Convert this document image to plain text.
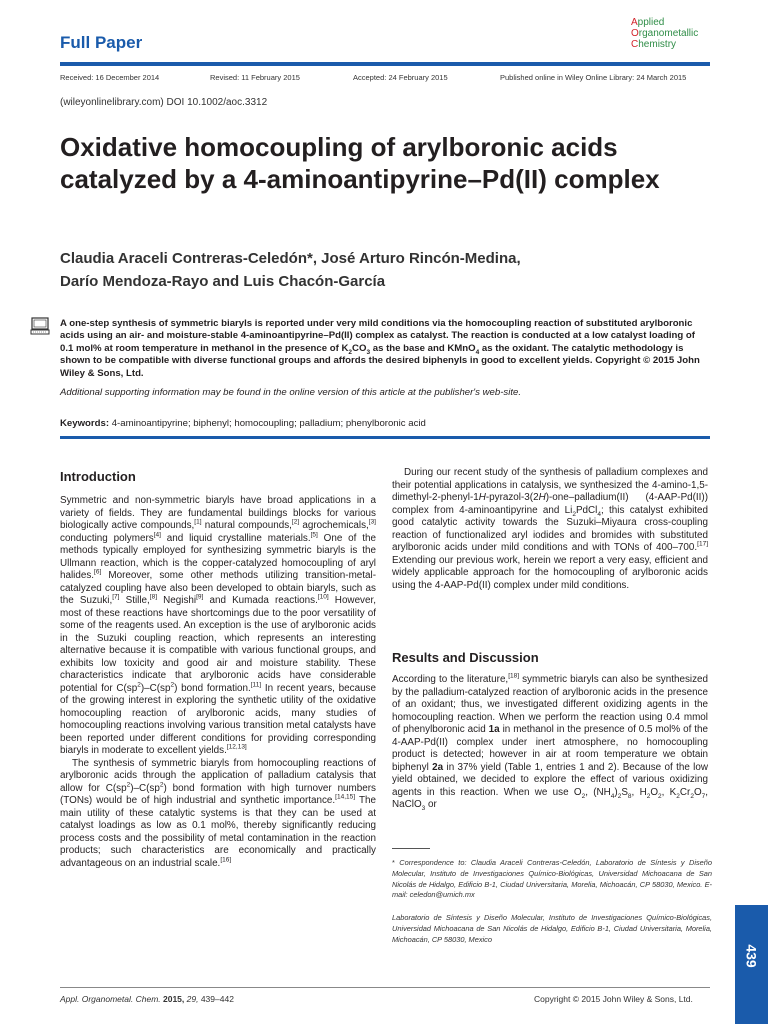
Full Paper
Applied
Organometallic
Chemistry
Received: 16 December 2014	Revised: 11 February 2015	Accepted: 24 February 2015	Published online in Wiley Online Library: 24 March 2015
(wileyonlinelibrary.com) DOI 10.1002/aoc.3312
Oxidative homocoupling of arylboronic acids catalyzed by a 4-aminoantipyrine–Pd(II) complex
Claudia Araceli Contreras-Celedón*, José Arturo Rincón-Medina,
Darío Mendoza-Rayo and Luis Chacón-García
A one-step synthesis of symmetric biaryls is reported under very mild conditions via the homocoupling reaction of substituted arylboronic acids using an air- and moisture-stable 4-aminoantipyrine–Pd(II) complex as catalyst. The reaction is conducted at a low catalyst loading of 0.1 mol% at room temperature in methanol in the presence of $K_2CO_3$ as the base and KMnO$_4$ as the oxidant. The catalytic methodology is shown to be compatible with diverse functional groups and affords the desired biphenyls in good to excellent yields. Copyright © 2015 John Wiley & Sons, Ltd.
Additional supporting information may be found in the online version of this article at the publisher's web-site.
Keywords: 4-aminoantipyrine; biphenyl; homocoupling; palladium; phenylboronic acid
Introduction

Symmetric and non-symmetric biaryls have broad applications in a variety of fields. They are fundamental buildings blocks for various biologically active compounds,[1] natural compounds,[2] agrochemicals,[3] conducting polymers[4] and liquid crystalline materials.[5] One of the methods typically employed for synthesizing symmetric biaryls is the Ullmann reaction, which is the copper-catalyzed homocoupling of aryl halides.[6] Moreover, some other methods utilizing transition-metal-catalyzed coupling have also been developed to obtain biaryls, such as the Suzuki,[7] Stille,[8] Negishi[9] and Kumada reactions.[10] However, most of these reactions have shortcomings due to the poor versatility of some of the reagents used. An exception is the use of arylboronic acids in the Suzuki coupling reaction, which represents an interesting alternative because it is compatible with various functional groups, and exhibits low toxicity and good air and moisture stability. These characteristics indicate that arylboronic acids have considerable potential for $C(sp^2)-C(sp^2)$ bond formation.[11] In recent years, because of the growing interest in exploring the synthetic utility of the oxidative homocoupling reaction of arylboronic acids, many studies of homocoupling reactions involving various transition metal catalysts have been reported under different conditions for providing corresponding biaryls in moderate to excellent yields.[12,13]

The synthesis of symmetric biaryls from homocoupling reactions of arylboronic acids through the application of palladium catalysis that allow for $C(sp^2)-C(sp^2)$ bond formation with high turnover numbers (TONs) would be of high industrial and synthetic importance.[14,15] The main utility of these catalytic systems is that they can be used at catalyst loadings as low as 0.1 mol%, thereby significantly reducing process costs and the possibility of metal contamination in the reaction products; such characteristics are economically and practically advantageous on an industrial scale.[16]

During our recent study of the synthesis of palladium complexes and their potential applications in catalysis, we synthesized the 4-amino-1,5-dimethyl-2-phenyl-1H-pyrazol-3(2H)-one–palladium(II) (4-AAP-Pd(II)) complex from 4-aminoantipyrine and $Li_2PdCl_4$; this catalyst exhibited good catalytic activity towards the Suzuki–Miyaura cross-coupling reaction of functionalized aryl iodides and bromides with substituted arylboronic acids under mild conditions and with TONs of 400–700.[17] Extending our previous work, herein we report a very easy, efficient and widely applicable approach for the homocoupling of arylboronic acids using the 4-AAP-Pd(II) complex under mild conditions.

Results and Discussion

According to the literature,[18] symmetric biaryls can also be synthesized by the palladium-catalyzed reaction of arylboronic acids in the presence of an oxidant; thus, we investigated different oxidizing agents in the homocoupling reaction. When we perform the reaction using 0.4 mmol of phenylboronic acid 1a in methanol in the presence of 0.5 mol% of the 4-AAP-Pd(II) complex under inert atmosphere, no homocoupling product is detected; however in air at room temperature we obtain biphenyl 2a in 37% yield (Table 1, entries 1 and 2). Because of the low yield obtained, we decided to explore the effect of various oxidizing agents in this reaction. When we use $O_2$, $(NH_4)_2S_8$, $H_2O_2$, $K_2Cr_2O_7$, NaClO$_3$ or

* Correspondence to: Claudia Araceli Contreras-Celedón, Laboratorio de Síntesis y Diseño Molecular, Instituto de Investigaciones Químico-Biológicas, Universidad Michoacana de San Nicolás de Hidalgo, Edificio B-1, Ciudad Universitaria, Morelia, Michoacán, CP 58030, Mexico. E-mail: celedon@umich.mx
Laboratorio de Síntesis y Diseño Molecular, Instituto de Investigaciones Químico-Biológicas, Universidad Michoacana de San Nicolás de Hidalgo, Edificio B-1, Ciudad Universitaria, Morelia, Michoacán, CP 58030, Mexico
Appl. Organometal. Chem. 2015, 29, 439–442	Copyright © 2015 John Wiley & Sons, Ltd.
439
